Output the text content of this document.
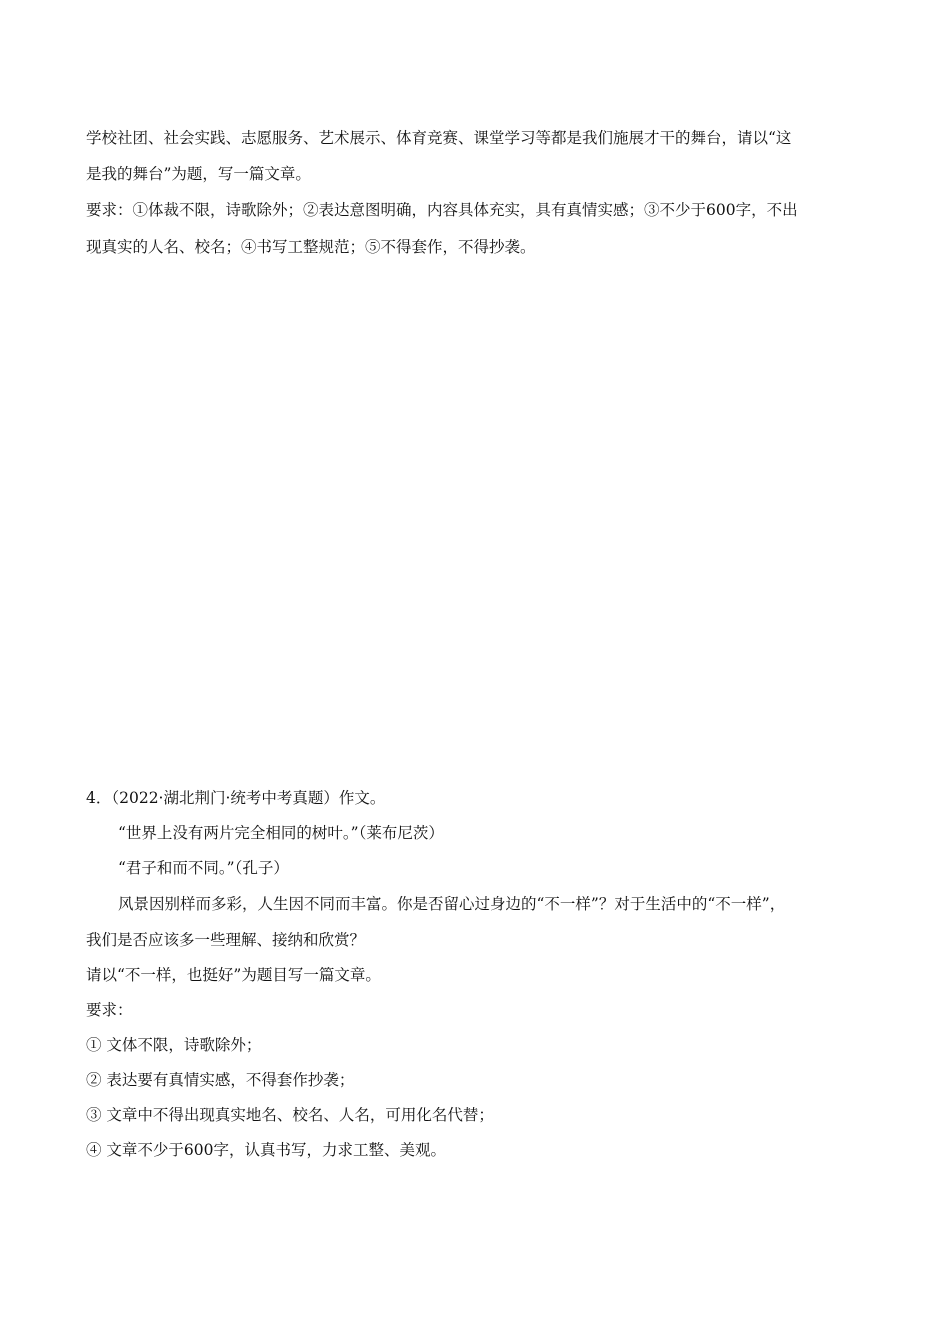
学校社团、社会实践、志愿服务、艺术展示、体育竞赛、课堂学习等都是我们施展才干的舞台，请以“这
是我的舞台”为题，写一篇文章。
要求：①体裁不限，诗歌除外；②表达意图明确，内容具体充实，具有真情实感；③不少于600字，不出
现真实的人名、校名；④书写工整规范；⑤不得套作，不得抄袭。
4．（2022·湖北荆门·统考中考真题）作文。
“世界上没有两片完全相同的树叶。”（莱布尼茨）
“君子和而不同。”（孔子）
风景因别样而多彩，人生因不同而丰富。你是否留心过身边的“不一样”？对于生活中的“不一样”，
我们是否应该多一些理解、接纳和欣赏？
请以“不一样，也挺好”为题目写一篇文章。
要求：
① 文体不限，诗歌除外；
② 表达要有真情实感，不得套作抄袭；
③ 文章中不得出现真实地名、校名、人名，可用化名代替；
④ 文章不少于600字，认真书写，力求工整、美观。
